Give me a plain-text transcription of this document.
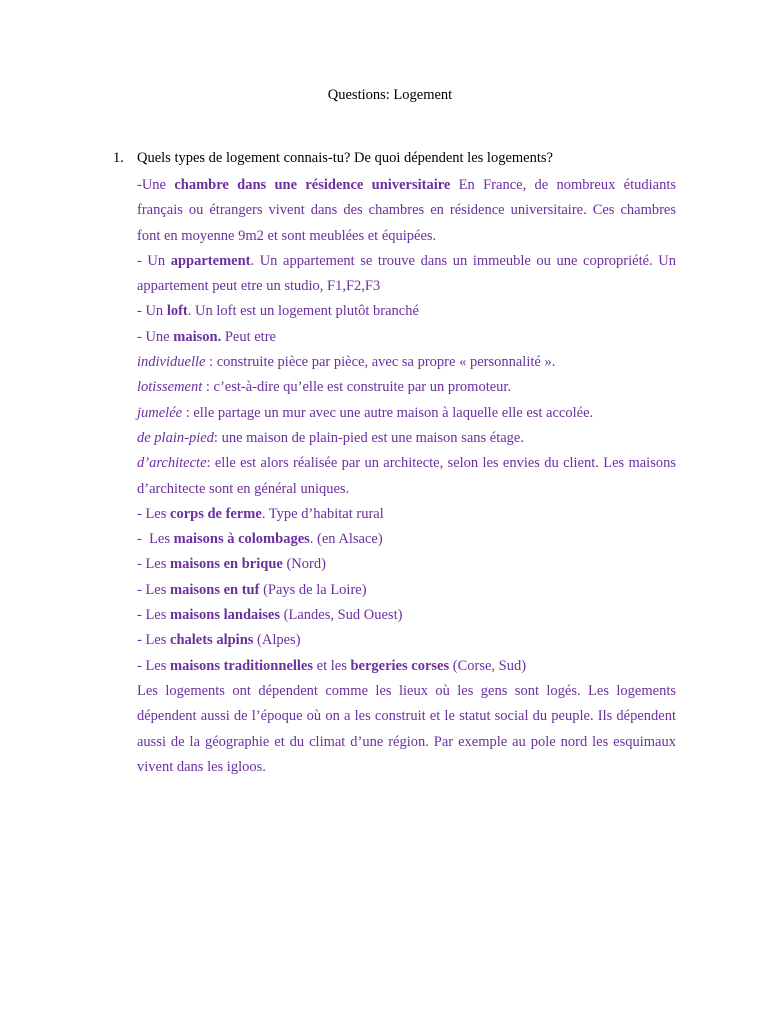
Questions: Logement
1. Quels types de logement connais-tu? De quoi dépendent les logements?

-Une chambre dans une résidence universitaire En France, de nombreux étudiants français ou étrangers vivent dans des chambres en résidence universitaire. Ces chambres font en moyenne 9m2 et sont meublées et équipées.

- Un appartement. Un appartement se trouve dans un immeuble ou une copropriété. Un appartement peut etre un studio, F1,F2,F3

- Un loft. Un loft est un logement plutôt branché

- Une maison. Peut etre

individuelle : construite pièce par pièce, avec sa propre « personnalité ».

lotissement : c’est-à-dire qu’elle est construite par un promoteur.

jumelée : elle partage un mur avec une autre maison à laquelle elle est accolée.

de plain-pied: une maison de plain-pied est une maison sans étage.

d’architecte: elle est alors réalisée par un architecte, selon les envies du client. Les maisons d’architecte sont en général uniques.

- Les corps de ferme. Type d’habitat rural

-  Les maisons à colombages. (en Alsace)

- Les maisons en brique (Nord)

- Les maisons en tuf (Pays de la Loire)

- Les maisons landaises (Landes, Sud Ouest)

- Les chalets alpins (Alpes)

- Les maisons traditionnelles et les bergeries corses (Corse, Sud)

Les logements ont dépendent comme les lieux où les gens sont logés. Les logements dépendent aussi de l’époque où on a les construit et le statut social du peuple. Ils dépendent aussi de la géographie et du climat d’une région. Par exemple au pole nord les esquimaux vivent dans les igloos.
